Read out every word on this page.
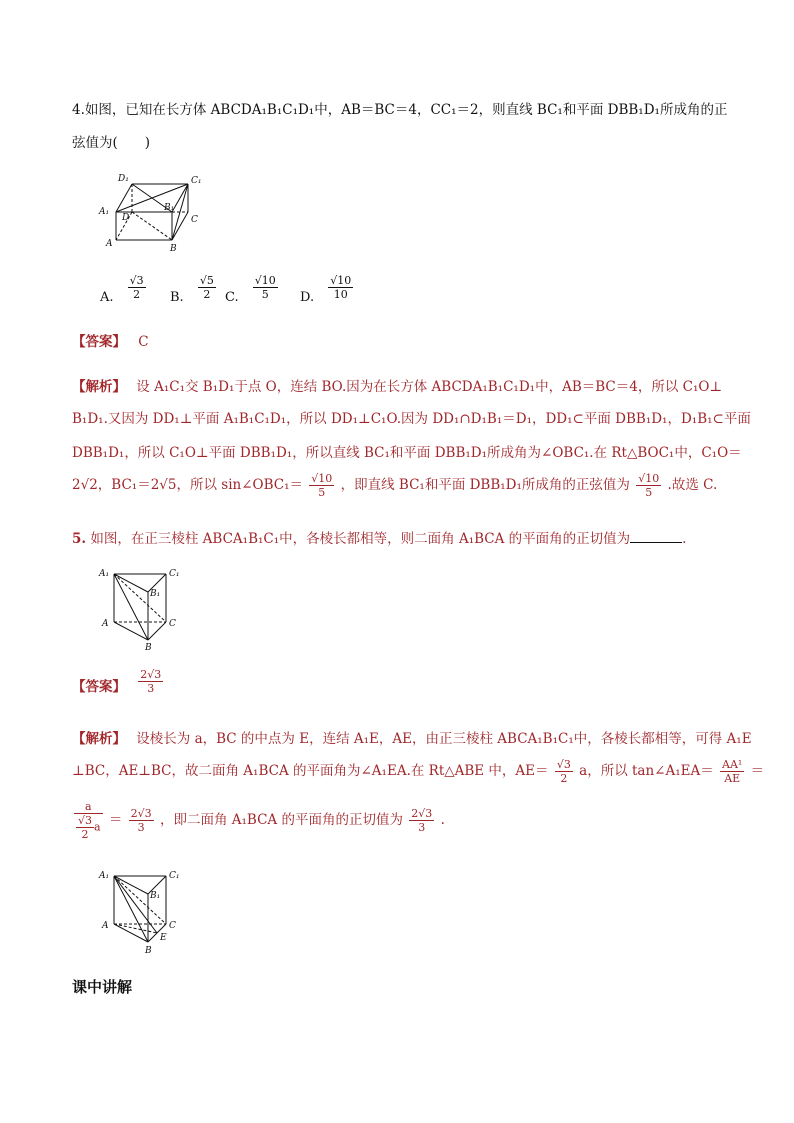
4.如图，已知在长方体 ABCDA₁B₁C₁D₁中，AB＝BC＝4，CC₁＝2，则直线 BC₁和平面 DBB₁D₁所成角的正
弦值为(　　)
D₁	C₁
A₁	B₁
D	C
A	B
A. $\frac{√3}{2} B$. $\frac{√5}{2} C$. $\frac{√10}{5} D$. $\frac{√10}{10}$
【答案】 C
【解析】 设 A₁C₁交 B₁D₁于点 O，连结 BO.因为在长方体 ABCDA₁B₁C₁D₁中，AB＝BC＝4，所以 C₁O⊥
B₁D₁.又因为 DD₁⊥平面 A₁B₁C₁D₁，所以 DD₁⊥C₁O.因为 DD₁∩D₁B₁＝D₁，DD₁⊂平面 DBB₁D₁，D₁B₁⊂平面
DBB₁D₁，所以 C₁O⊥平面 DBB₁D₁，所以直线 BC₁和平面 DBB₁D₁所成角为∠OBC₁.在 Rt△BOC₁中，C₁O＝
2√2，BC₁＝2√5，所以 sin∠OBC₁＝ $\frac{√10}{5}$ ，即直线 BC₁和平面 DBB₁D₁所成角的正弦值为 $\frac{√10}{5}$ .故选 C.
5. 如图，在正三棱柱 ABCA₁B₁C₁中，各棱长都相等，则二面角 A₁BCA 的平面角的正切值为	.
A₁	C₁
B₁
A	C
B
【答案】 $\frac{2√3}{3}$
【解析】 设棱长为 a，BC 的中点为 E，连结 A₁E，AE，由正三棱柱 ABCA₁B₁C₁中，各棱长都相等，可得 A₁E
⊥BC，AE⊥BC，故二面角 A₁BCA 的平面角为∠A₁EA.在 Rt△ABE 中，$AE= \frac{√3}{2}$ a，所以 tan∠A₁EA＝ $\frac{\text{AA¹}}{AE}$ ＝
$\frac{a}{\frac{√3}{2} a} = \frac{2√3}{3}$ ，即二面角 A₁BCA 的平面角的正切值为 $\frac{2√3}{3}$ .
A₁	C₁
B₁
A	C
E
B
课中讲解
